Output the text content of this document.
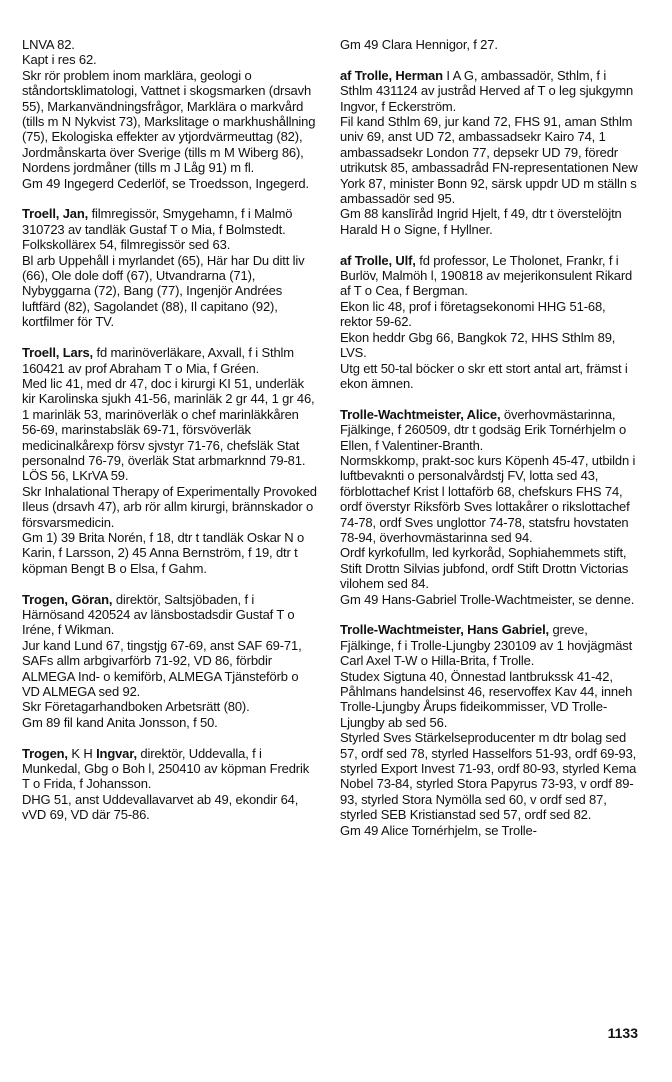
LNVA 82.

Kapt i res 62.

Skr rör problem inom marklära, geologi o ståndortsklimatologi, Vattnet i skogsmarken (drsavh 55), Markanvändningsfrågor, Marklära o markvård (tills m N Nykvist 73), Markslitage o markhushållning (75), Ekologiska effekter av ytjordvärmeuttag (82), Jordmånskarta över Sverige (tills m M Wiberg 86), Nordens jordmåner (tills m J Låg 91) m fl.

Gm 49 Ingegerd Cederlöf, se Troedsson, Ingegerd.

Troell, Jan, filmregissör, Smygehamn, f i Malmö 310723 av tandläk Gustaf T o Mia, f Bolmstedt.

Folkskollärex 54, filmregissör sed 63.

Bl arb Uppehåll i myrlandet (65), Här har Du ditt liv (66), Ole dole doff (67), Utvandrarna (71), Nybyggarna (72), Bang (77), Ingenjör Andrées luftfärd (82), Sagolandet (88), Il capitano (92), kortfilmer för TV.

Troell, Lars, fd marinöverläkare, Axvall, f i Sthlm 160421 av prof Abraham T o Mia, f Gréen.

Med lic 41, med dr 47, doc i kirurgi KI 51, underläk kir Karolinska sjukh 41-56, marinläk 2 gr 44, 1 gr 46, 1 marinläk 53, marinöverläk o chef marinläkkåren 56-69, marinstabsläk 69-71, försvöverläk medicinalkårexp försv sjvstyr 71-76, chefsläk Stat personalnd 76-79, överläk Stat arbmarknnd 79-81.

LÖS 56, LKrVA 59.

Skr Inhalational Therapy of Experimentally Provoked Ileus (drsavh 47), arb rör allm kirurgi, brännskador o försvarsmedicin.

Gm 1) 39 Brita Norén, f 18, dtr t tandläk Oskar N o Karin, f Larsson, 2) 45 Anna Bernström, f 19, dtr t köpman Bengt B o Elsa, f Gahm.

Trogen, Göran, direktör, Saltsjöbaden, f i Härnösand 420524 av länsbostadsdir Gustaf T o Iréne, f Wikman.

Jur kand Lund 67, tingstjg 67-69, anst SAF 69-71, SAFs allm arbgivarförb 71-92, VD 86, förbdir ALMEGA Ind- o kemiförb, ALMEGA Tjänsteförb o VD ALMEGA sed 92.

Skr Företagarhandboken Arbetsrätt (80).

Gm 89 fil kand Anita Jonsson, f 50.

Trogen, K H Ingvar, direktör, Uddevalla, f i Munkedal, Gbg o Boh l, 250410 av köpman Fredrik T o Frida, f Johansson.

DHG 51, anst Uddevallavarvet ab 49, ekondir 64, vVD 69, VD där 75-86.

Gm 49 Clara Hennigor, f 27.

af Trolle, Herman I A G, ambassadör, Sthlm, f i Sthlm 431124 av justråd Herved af T o leg sjukgymn Ingvor, f Eckerström.

Fil kand Sthlm 69, jur kand 72, FHS 91, aman Sthlm univ 69, anst UD 72, ambassadsekr Kairo 74, 1 ambassadsekr London 77, depsekr UD 79, föredr utrikutsk 85, ambassadråd FN-representationen New York 87, minister Bonn 92, särsk uppdr UD m ställn s ambassadör sed 95.

Gm 88 kanslīråd Ingrid Hjelt, f 49, dtr t överstelöjtn Harald H o Signe, f Hyllner.

af Trolle, Ulf, fd professor, Le Tholonet, Frankr, f i Burlöv, Malmöh l, 190818 av mejerikonsulent Rikard af T o Cea, f Bergman.

Ekon lic 48, prof i företagsekonomi HHG 51-68, rektor 59-62.

Ekon heddr Gbg 66, Bangkok 72, HHS Sthlm 89, LVS.

Utg ett 50-tal böcker o skr ett stort antal art, främst i ekon ämnen.

Trolle-Wachtmeister, Alice, överhovmästarinna, Fjälkinge, f 260509, dtr t godsäg Erik Tornérhjelm o Ellen, f Valentiner-Branth.

Normskkomp, prakt-soc kurs Köpenh 45-47, utbildn i luftbevaknti o personalvårdstj FV, lotta sed 43, förblottachef Krist l lottaförb 68, chefskurs FHS 74, ordf överstyr Riksförb Sves lottakårer o rikslottachef 74-78, ordf Sves unglottor 74-78, statsfru hovstaten 78-94, överhovmästarinna sed 94.

Ordf kyrkofullm, led kyrkoråd, Sophiahemmets stift, Stift Drottn Silvias jubfond, ordf Stift Drottn Victorias vilohem sed 84.

Gm 49 Hans-Gabriel Trolle-Wachtmeister, se denne.

Trolle-Wachtmeister, Hans Gabriel, greve, Fjälkinge, f i Trolle-Ljungby 230109 av 1 hovjägmäst Carl Axel T-W o Hilla-Brita, f Trolle.

Studex Sigtuna 40, Önnestad lantbrukssk 41-42, Påhlmans handelsinst 46, reservoffex Kav 44, inneh Trolle-Ljungby Årups fideikommisser, VD Trolle-Ljungby ab sed 56.

Styrled Sves Stärkelseproducenter m dtr bolag sed 57, ordf sed 78, styrled Hasselfors 51-93, ordf 69-93, styrled Export Invest 71-93, ordf 80-93, styrled Kema Nobel 73-84, styrled Stora Papyrus 73-93, v ordf 89-93, styrled Stora Nymölla sed 60, v ordf sed 87, styrled SEB Kristianstad sed 57, ordf sed 82.

Gm 49 Alice Tornérhjelm, se Trolle-

1133
